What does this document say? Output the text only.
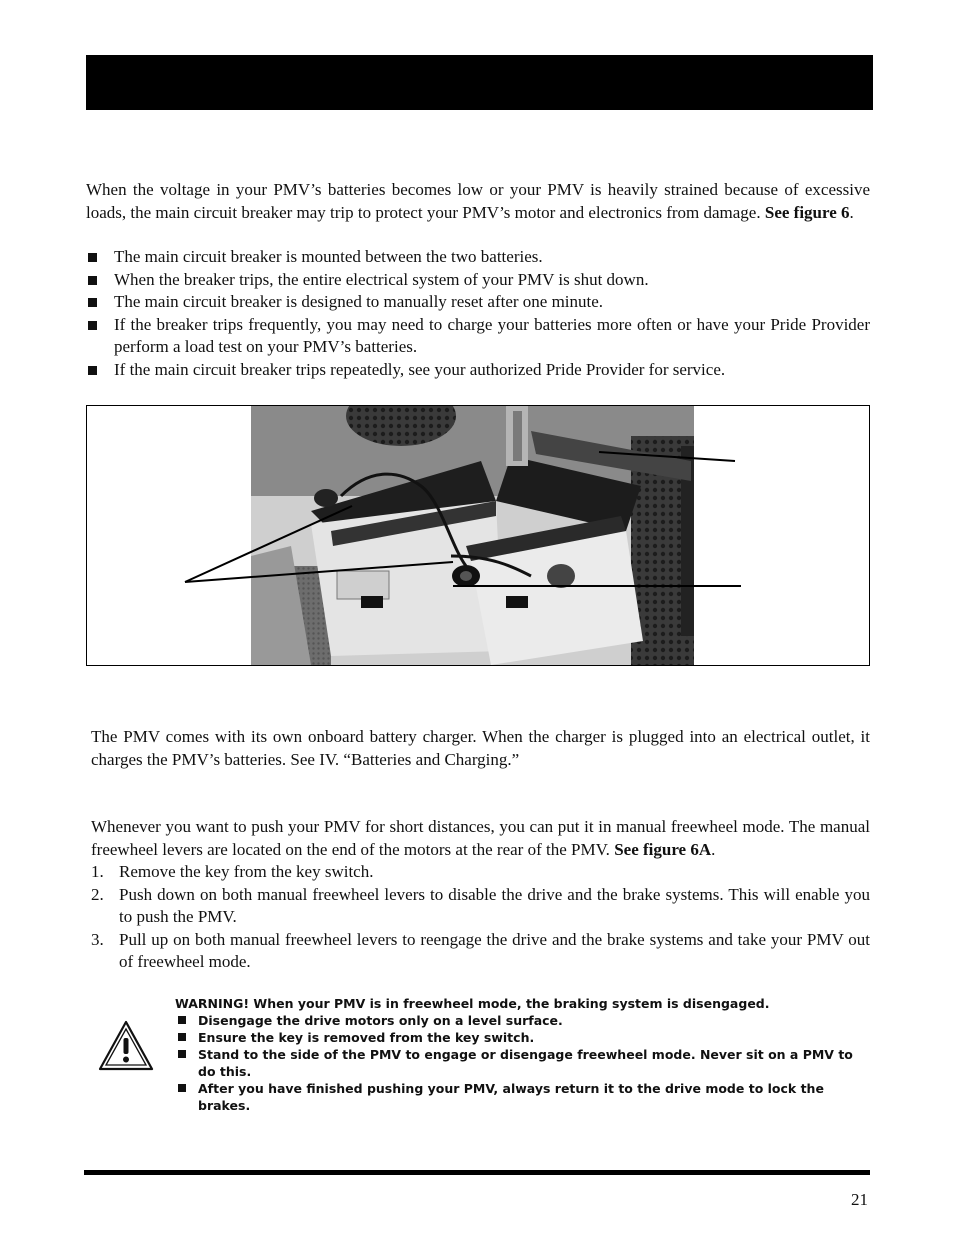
When the voltage in your PMV’s batteries becomes low or your PMV is heavily strained because of excessive loads, the main circuit breaker may trip to protect your PMV’s motor and electronics from damage. See figure 6.

The main circuit breaker is mounted between the two batteries.
When the breaker trips, the entire electrical system of your PMV is shut down.
The main circuit breaker is designed to manually reset after one minute.
If the breaker trips frequently, you may need to charge your batteries more often or have your Pride Provider perform a load test on your PMV’s batteries.
If the main circuit breaker trips repeatedly, see your authorized Pride Provider for service.

The PMV comes with its own onboard battery charger. When the charger is plugged into an electrical outlet, it charges the PMV’s batteries. See IV. “Batteries and Charging.”

Whenever you want to push your PMV for short distances, you can put it in manual freewheel mode. The manual freewheel levers are located on the end of the motors at the rear of the PMV. See figure 6A.

1. Remove the key from the key switch.
2. Push down on both manual freewheel levers to disable the drive and the brake systems. This will enable you to push the PMV.
3. Pull up on both manual freewheel levers to reengage the drive and the brake systems and take your PMV out of freewheel mode.

WARNING! When your PMV is in freewheel mode, the braking system is disengaged.

Disengage the drive motors only on a level surface.
Ensure the key is removed from the key switch.
Stand to the side of the PMV to engage or disengage freewheel mode. Never sit on a PMV to do this.
After you have finished pushing your PMV, always return it to the drive mode to lock the brakes.
21
